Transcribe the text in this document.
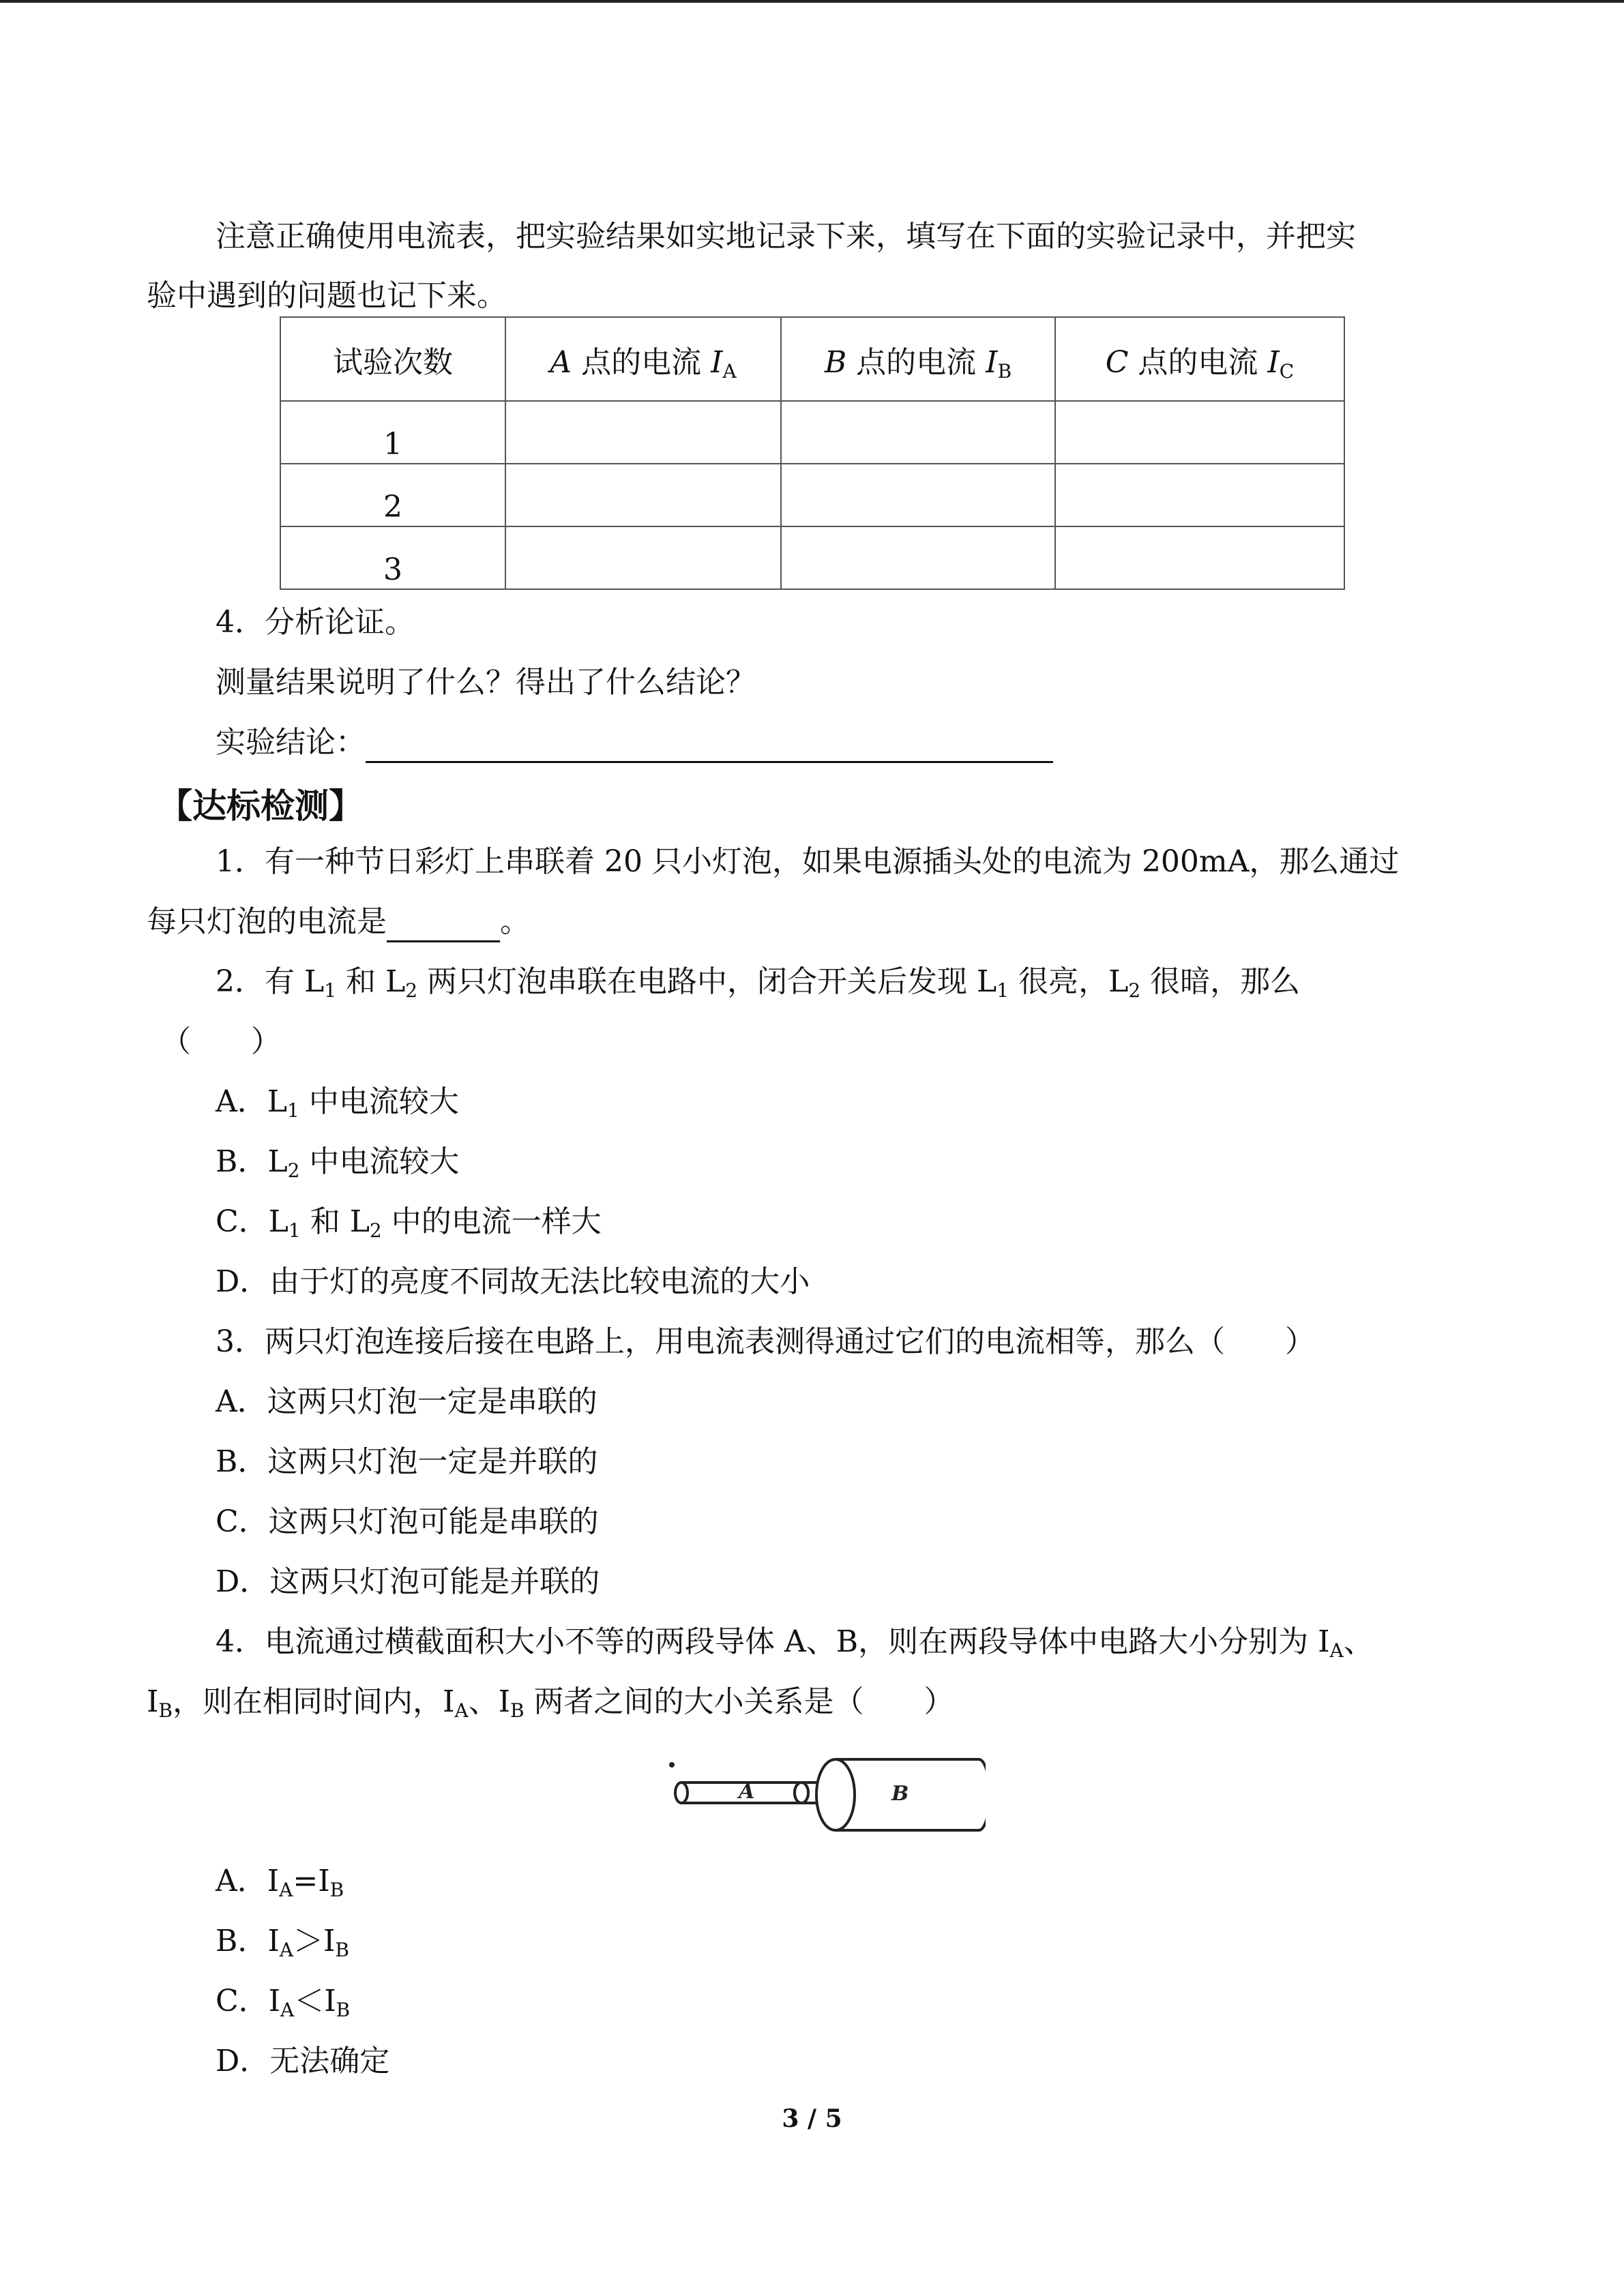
注意正确使用电流表，把实验结果如实地记录下来，填写在下面的实验记录中，并把实
验中遇到的问题也记下来。
试验次数	A 点的电流 $I_A$	B 点的电流 $I_B$	C 点的电流 $I_C$
1			
2			
3			
4．分析论证。
测量结果说明了什么？得出了什么结论？
实验结论：
【达标检测】
1．有一种节日彩灯上串联着 20 只小灯泡，如果电源插头处的电流为 200mA，那么通过
每只灯泡的电流是	。
2．有 $L_1$ 和 $L_2$ 两只灯泡串联在电路中，闭合开关后发现 $L_1$ 很亮，$L_2$ 很暗，那么
（　　）
A．$L_1$ 中电流较大
B．$L_2$ 中电流较大
C．$L_1$ 和 $L_2$ 中的电流一样大
D．由于灯的亮度不同故无法比较电流的大小
3．两只灯泡连接后接在电路上，用电流表测得通过它们的电流相等，那么（　　）
A．这两只灯泡一定是串联的
B．这两只灯泡一定是并联的
C．这两只灯泡可能是串联的
D．这两只灯泡可能是并联的
4．电流通过横截面积大小不等的两段导体 A、B，则在两段导体中电路大小分别为 $I_A$、
$I_B$，则在相同时间内，$I_A$、$I_B$ 两者之间的大小关系是（　　）
A	B
A．$I_A=I_B$
B．$I_A>I_B$
C．$I_A<I_B$
D．无法确定
3 / 5
